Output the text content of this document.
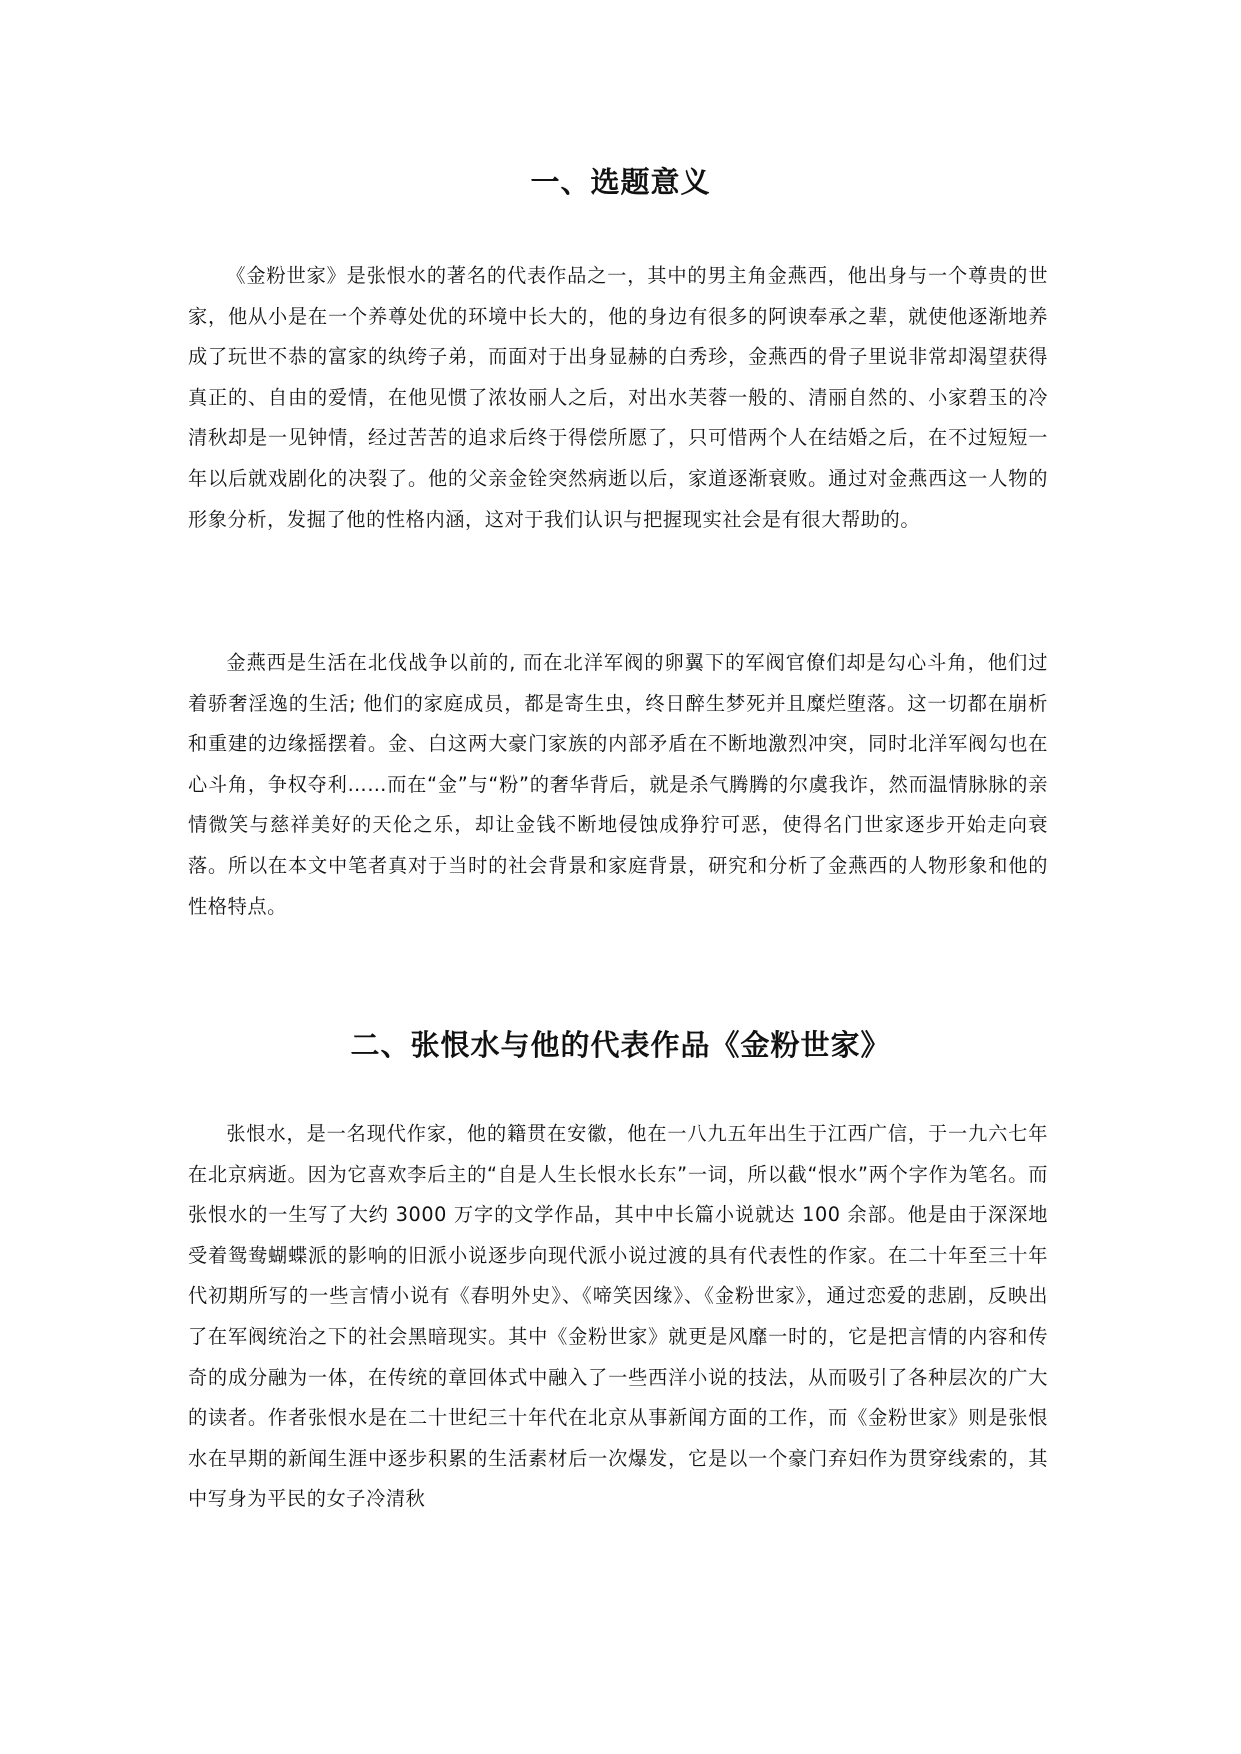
一、选题意义

《金粉世家》是张恨水的著名的代表作品之一，其中的男主角金燕西，他出身与一个尊贵的世家，他从小是在一个养尊处优的环境中长大的，他的身边有很多的阿谀奉承之辈，就使他逐渐地养成了玩世不恭的富家的纨绔子弟，而面对于出身显赫的白秀珍，金燕西的骨子里说非常却渴望获得真正的、自由的爱情，在他见惯了浓妆丽人之后，对出水芙蓉一般的、清丽自然的、小家碧玉的冷清秋却是一见钟情，经过苦苦的追求后终于得偿所愿了，只可惜两个人在结婚之后，在不过短短一年以后就戏剧化的决裂了。他的父亲金铨突然病逝以后，家道逐渐衰败。通过对金燕西这一人物的形象分析，发掘了他的性格内涵，这对于我们认识与把握现实社会是有很大帮助的。

金燕西是生活在北伐战争以前的, 而在北洋军阀的卵翼下的军阀官僚们却是勾心斗角，他们过着骄奢淫逸的生活; 他们的家庭成员，都是寄生虫，终日醉生梦死并且糜烂堕落。这一切都在崩析和重建的边缘摇摆着。金、白这两大豪门家族的内部矛盾在不断地激烈冲突，同时北洋军阀勾也在心斗角，争权夺利……而在“金”与“粉”的奢华背后，就是杀气腾腾的尔虞我诈，然而温情脉脉的亲情微笑与慈祥美好的天伦之乐，却让金钱不断地侵蚀成狰狞可恶，使得名门世家逐步开始走向衰落。所以在本文中笔者真对于当时的社会背景和家庭背景，研究和分析了金燕西的人物形象和他的性格特点。

二、张恨水与他的代表作品《金粉世家》

张恨水，是一名现代作家，他的籍贯在安徽，他在一八九五年出生于江西广信，于一九六七年在北京病逝。因为它喜欢李后主的“自是人生长恨水长东”一词，所以截“恨水”两个字作为笔名。而张恨水的一生写了大约 3000 万字的文学作品，其中中长篇小说就达 100 余部。他是由于深深地受着鸳鸯蝴蝶派的影响的旧派小说逐步向现代派小说过渡的具有代表性的作家。在二十年至三十年代初期所写的一些言情小说有《春明外史》、《啼笑因缘》、《金粉世家》，通过恋爱的悲剧，反映出了在军阀统治之下的社会黑暗现实。其中《金粉世家》就更是风靡一时的，它是把言情的内容和传奇的成分融为一体，在传统的章回体式中融入了一些西洋小说的技法，从而吸引了各种层次的广大的读者。作者张恨水是在二十世纪三十年代在北京从事新闻方面的工作，而《金粉世家》则是张恨水在早期的新闻生涯中逐步积累的生活素材后一次爆发，它是以一个豪门弃妇作为贯穿线索的，其中写身为平民的女子冷清秋
